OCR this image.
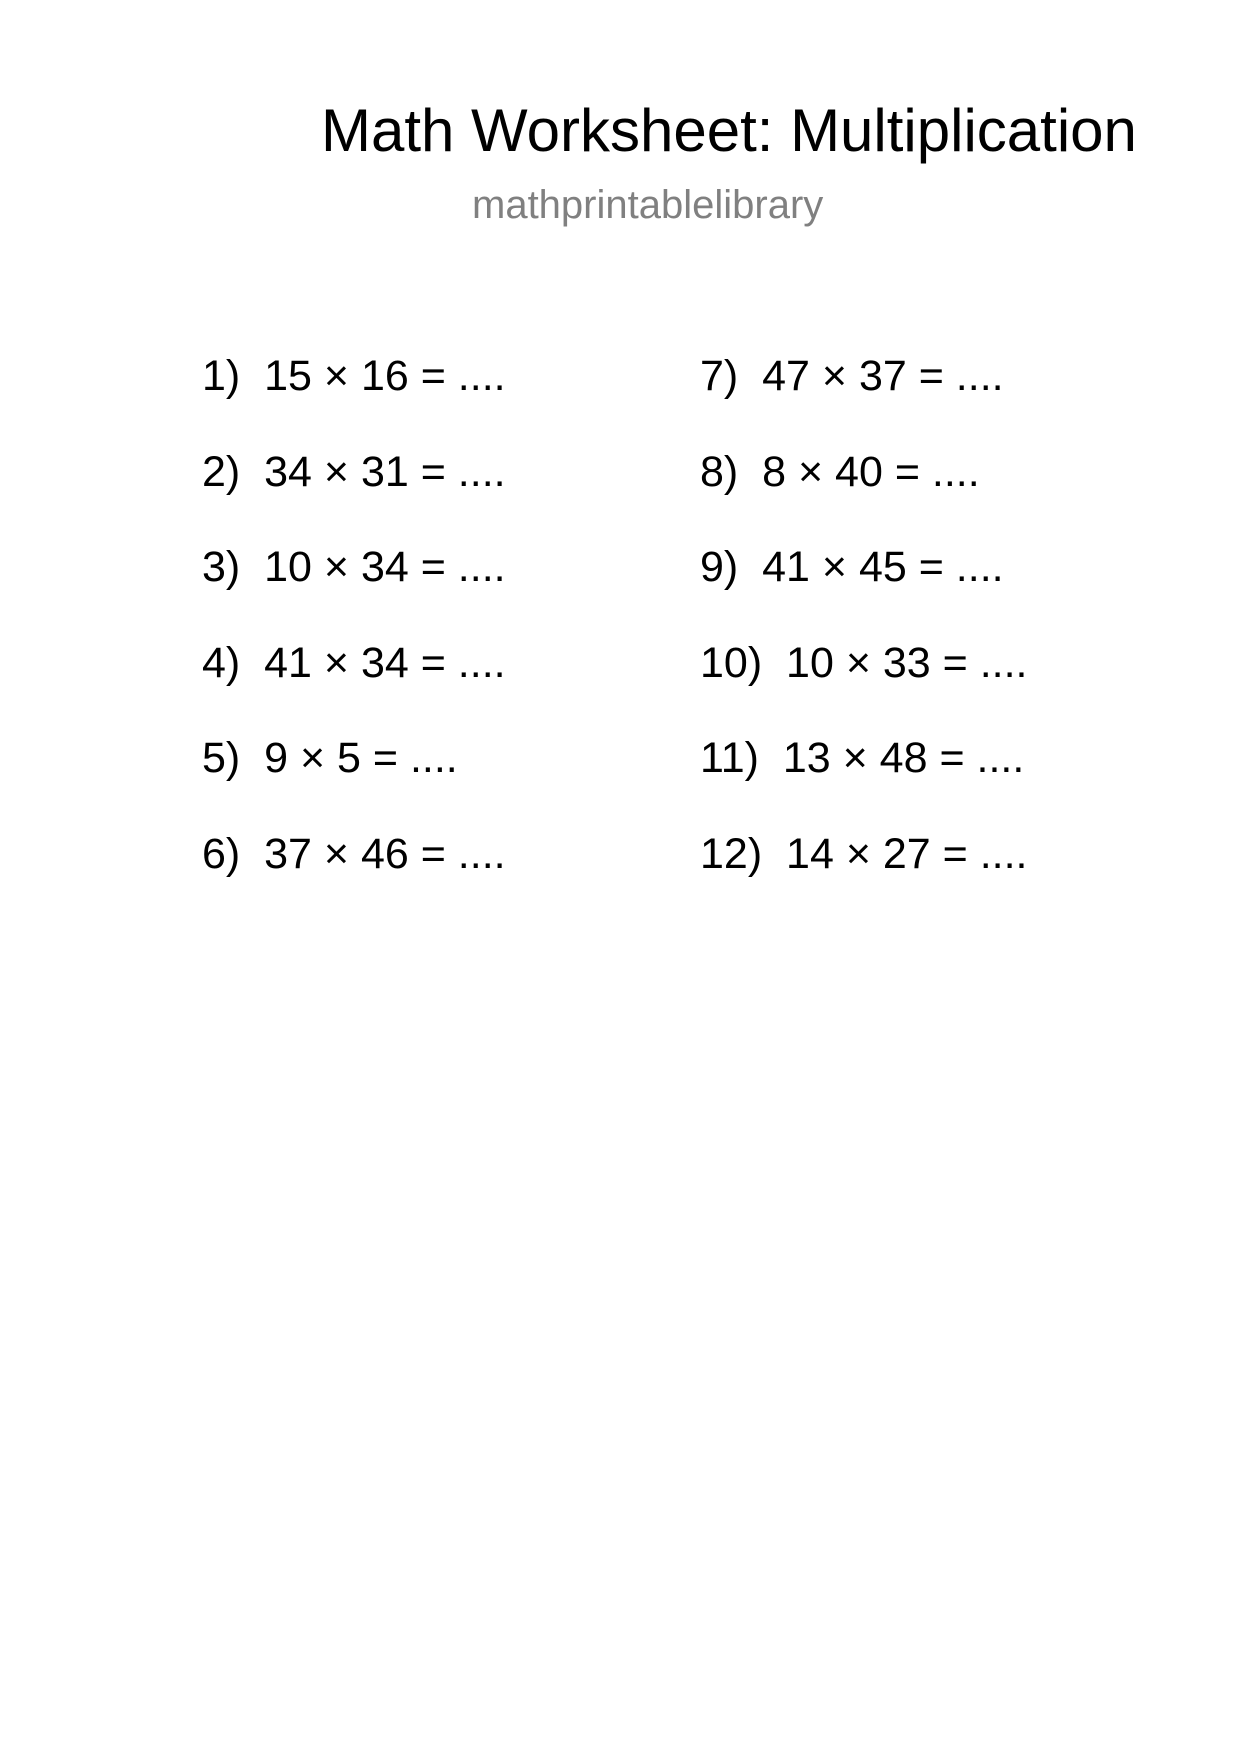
Math Worksheet: Multiplication
mathprintablelibrary
1)  15 × 16 = ....
2)  34 × 31 = ....
3)  10 × 34 = ....
4)  41 × 34 = ....
5)  9 × 5 = ....
6)  37 × 46 = ....
7)  47 × 37 = ....
8)  8 × 40 = ....
9)  41 × 45 = ....
10)  10 × 33 = ....
11)  13 × 48 = ....
12)  14 × 27 = ....
